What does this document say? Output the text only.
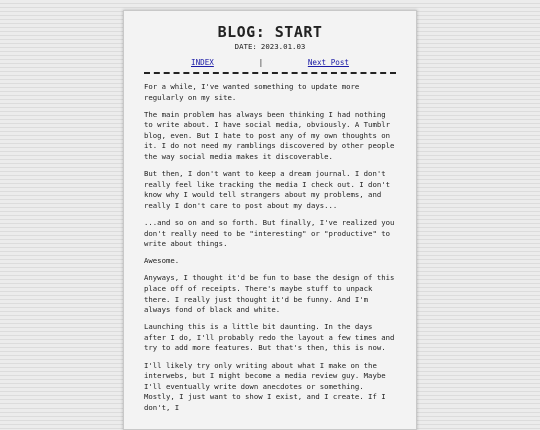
BLOG: START
DATE: 2023.01.03
INDEX	|	Next Post

For a while, I've wanted something to update more regularly on my site.

The main problem has always been thinking I had nothing to write about. I have social media, obviously. A Tumblr blog, even. But I hate to post any of my own thoughts on it. I do not need my ramblings discovered by other people the way social media makes it discoverable.

But then, I don't want to keep a dream journal. I don't really feel like tracking the media I check out. I don't know why I would tell strangers about my problems, and really I don't care to post about my days...

...and so on and so forth. But finally, I've realized you don't really need to be "interesting" or "productive" to write about things.

Awesome.

Anyways, I thought it'd be fun to base the design of this place off of receipts. There's maybe stuff to unpack there. I really just thought it'd be funny. And I'm always fond of black and white.

Launching this is a little bit daunting. In the days after I do, I'll probably redo the layout a few times and try to add more features. But that's then, this is now.

I'll likely try only writing about what I make on the interwebs, but I might become a media review guy. Maybe I'll eventually write down anecdotes or something. Mostly, I just want to show I exist, and I create. If I don't, I
